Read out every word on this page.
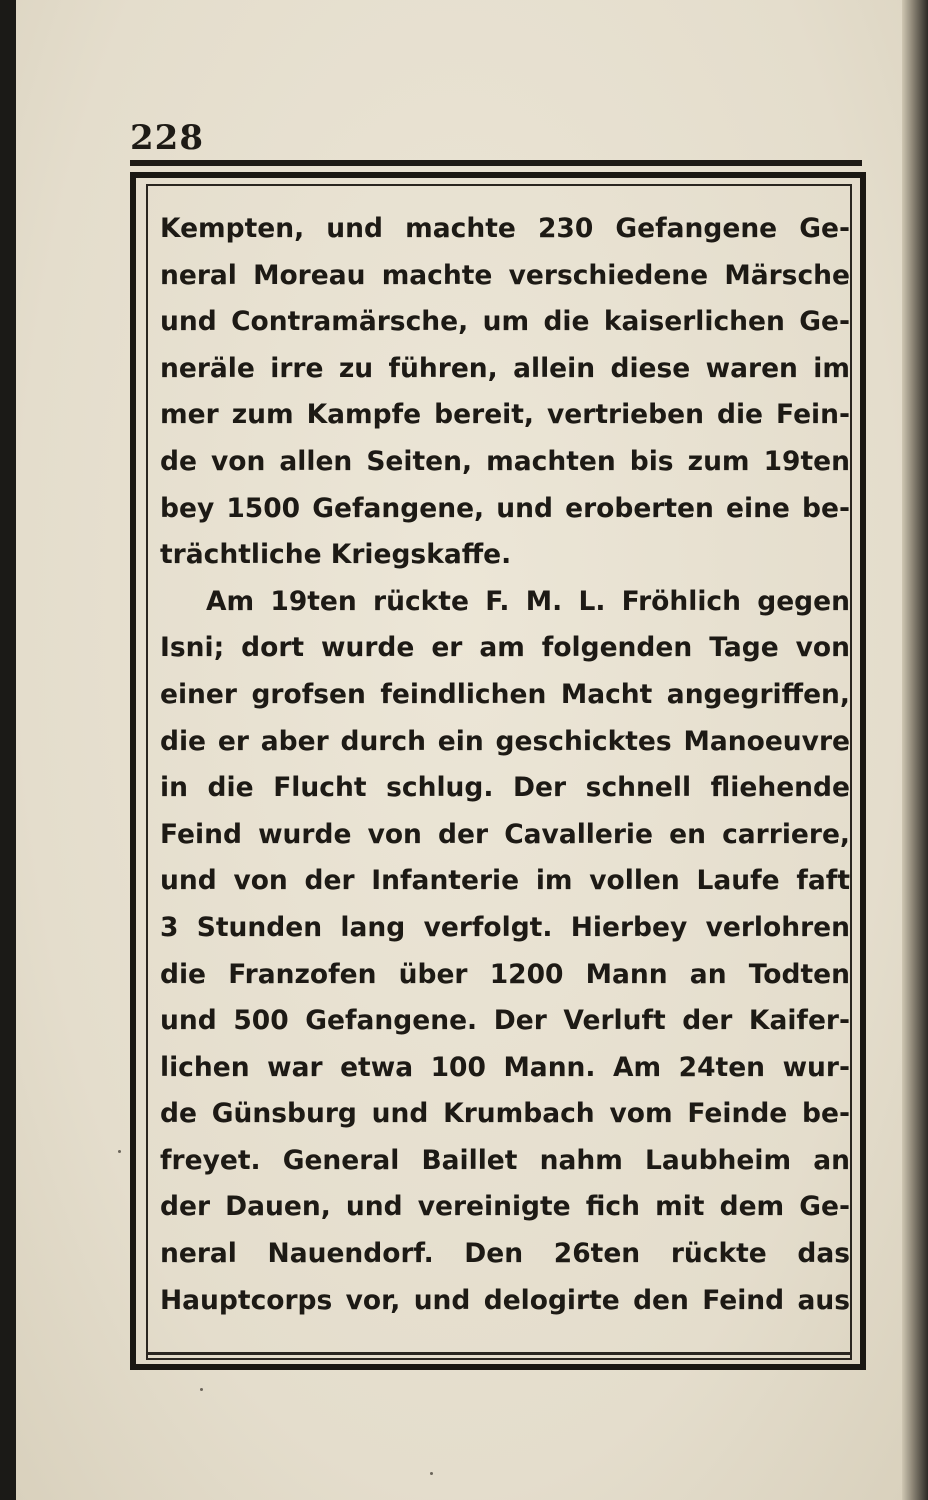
228
Kempten, und machte 230 Gefangene Ge-
neral Moreau machte verschiedene Märsche
und Contramärsche, um die kaiserlichen Ge-
neräle irre zu führen, allein diese waren im
mer zum Kampfe bereit, vertrieben die Fein-
de von allen Seiten, machten bis zum 19ten
bey 1500 Gefangene, und eroberten eine be-
trächtliche Kriegskaffe.
Am 19ten rückte F. M. L. Fröhlich gegen
Isni; dort wurde er am folgenden Tage von
einer grofsen feindlichen Macht angegriffen,
die er aber durch ein geschicktes Manoeuvre
in die Flucht schlug. Der schnell fliehende
Feind wurde von der Cavallerie en carriere,
und von der Infanterie im vollen Laufe faft
3 Stunden lang verfolgt. Hierbey verlohren
die Franzofen über 1200 Mann an Todten
und 500 Gefangene. Der Verluft der Kaifer-
lichen war etwa 100 Mann. Am 24ten wur-
de Günsburg und Krumbach vom Feinde be-
freyet. General Baillet nahm Laubheim an
der Dauen, und vereinigte fich mit dem Ge-
neral Nauendorf. Den 26ten rückte das
Hauptcorps vor, und delogirte den Feind aus
